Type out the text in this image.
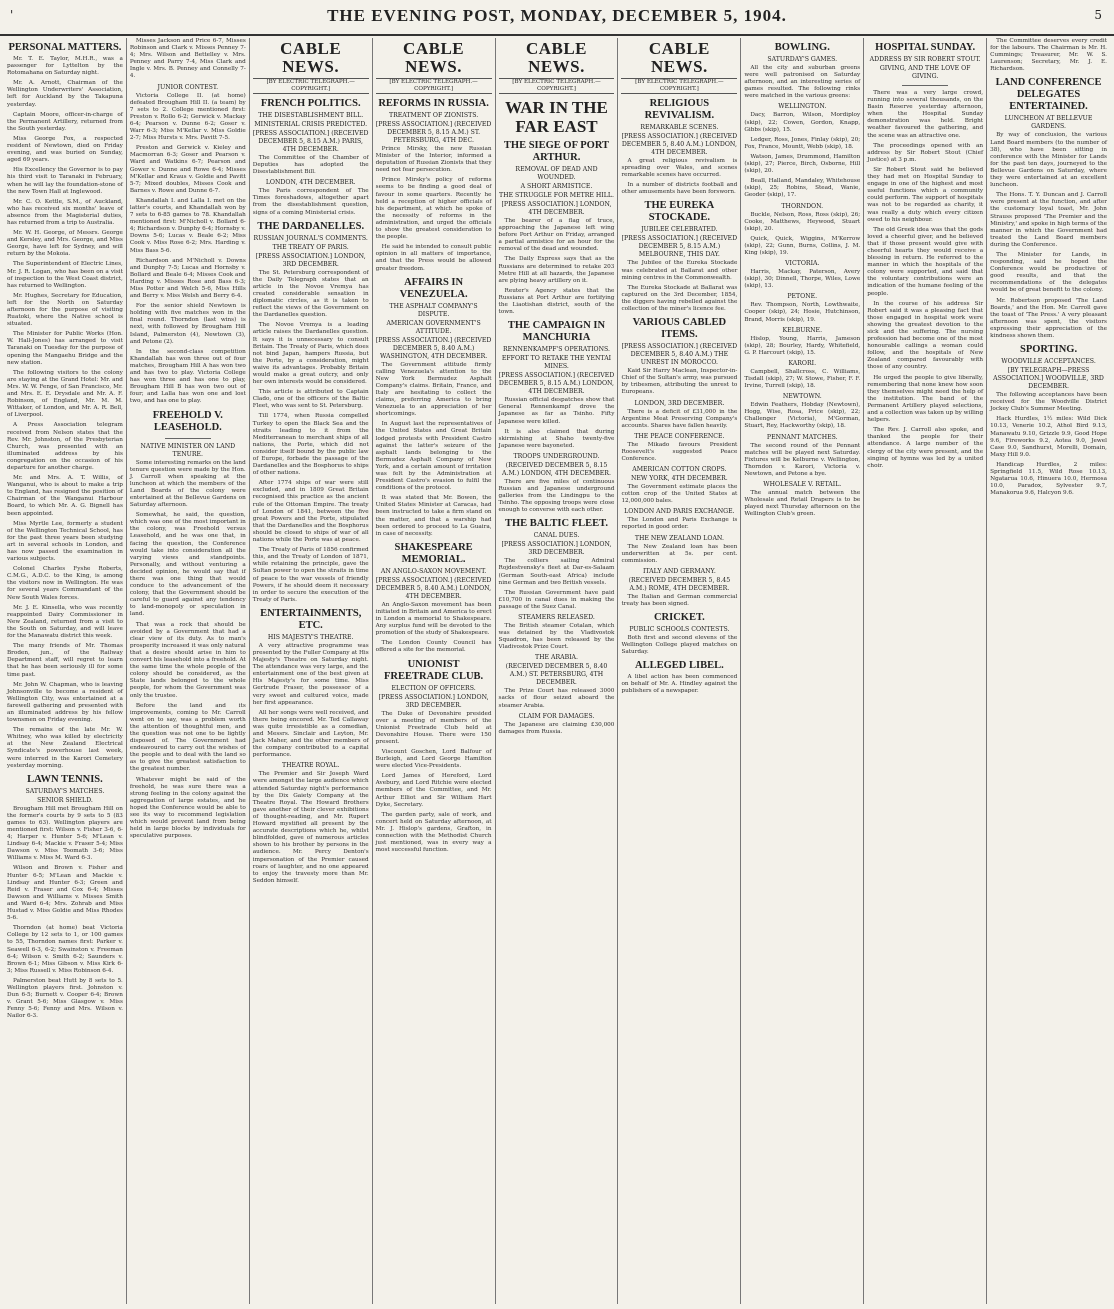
'	THE EVENING POST, MONDAY, DECEMBER 5, 1904.	5
PERSONAL MATTERS.
Mr. T. E. Taylor, M.H.R., was a passenger for Lyttelton by the Rotomahana on Saturday night.
Mr. A. Arnott, Chairman of the Wellington Underwriters' Association, left for Auckland by the Takapuna yesterday.
Captain Moore, officer-in-charge of the Permanent Artillery, returned from the South yesterday.
Miss George Fox, a respected resident of Newtown, died on Friday evening, and was buried on Sunday, aged 69 years.
His Excellency the Governor is to pay his third visit to Taranaki in February, when he will lay the foundation-stone of the new Town Hall at Inglewood.
Mr. C. O. Kettle, S.M., of Auckland, who has received six months' leave of absence from the Magisterial duties, has returned from a trip to Australia.
Mr. W. H. George, of Messrs. George and Kersley, and Mrs. George, and Miss George, have left for Sydney, and will return by the Mokoia.
The Superintendent of Electric Lines, Mr. J. R. Logan, who has been on a visit of inspection to the West Coast district, has returned to Wellington.
Mr. Hughes, Secretary for Education, left for the North on Saturday afternoon for the purpose of visiting Ruatoki, where the Native school is situated.
The Minister for Public Works (Hon. W. Hall-Jones) has arranged to visit Taranaki on Tuesday for the purpose of opening the Mangaehu Bridge and the new station.
The following visitors to the colony are staying at the Grand Hotel: Mr. and Mrs. W. W. Fenge, of San Francisco, Mr. and Mrs. E. E. Drysdale and Mr. A. F. Robinson, of England, Mr. M. M. Wittaker, of London, and Mr. A. R. Bell, of Liverpool.
A Press Association telegram received from Nelson states that the Rev. Mr. Johnston, of the Presbyterian Church, was presented with an illuminated address by his congregation on the occasion of his departure for another charge.
Mr. and Mrs. A. T. Willis, of Wanganui, who is about to make a trip to England, has resigned the position of Chairman of the Wanganui Harbour Board, to which Mr. A. G. Bignell has been appointed.
Miss Myrtle Lee, formerly a student of the Wellington Technical School, has for the past three years been studying art in several schools in London, and has now passed the examination in various subjects.
Colonel Charles Fyshe Roberts, C.M.G., A.D.C. to the King, is among the visitors now in Wellington. He was for several years Commandant of the New South Wales forces.
Mr. J. E. Kinsella, who was recently reappointed Dairy Commissioner in New Zealand, returned from a visit to the South on Saturday, and will leave for the Manawatu district this week.
The many friends of Mr. Thomas Broden, jun., of the Railway Department staff, will regret to learn that he has been seriously ill for some time past.
Mr. John W. Chapman, who is leaving Johnsonville to become a resident of Wellington City, was entertained at a farewell gathering and presented with an illuminated address by his fellow townsmen on Friday evening.
The remains of the late Mr. W. Whitney, who was killed by electricity at the New Zealand Electrical Syndicate's powerhouse last week, were interred in the Karori Cemetery yesterday morning.
LAWN TENNIS.
SATURDAY'S MATCHES.
SENIOR SHIELD.
Brougham Hill met Brougham Hill on the former's courts by 9 sets to 5 (83 games to 63). Wellington players are mentioned first: Wilson v. Fisher 3-6, 6-4; Harper v. Hunter 5-6; M'Lean v. Lindsay 6-4; Mackie v. Fraser 5-4; Miss Dawson v. Miss Toomath 3-6; Miss Williams v. Miss M. Ward 6-3.
Wilson and Brown v. Fisher and Hunter 6-5; M'Lean and Mackie v. Lindsay and Hunter 6-3; Green and Reid v. Fraser and Cox 6-4; Misses Dawson and Williams v. Misses Smith and Ward 6-4; Mrs. Zohrab and Miss Hustad v. Miss Goldie and Miss Rhodes 5-6.
Thorndon (at home) beat Victoria College by 12 sets to 1, or 100 games to 55, Thorndon names first: Parker v. Seawell 6-3, 6-2; Swainston v. Freeman 6-4; Wilson v. Smith 6-2; Saunders v. Brown 6-1; Miss Gibson v. Miss Kirk 6-3; Miss Russell v. Miss Robinson 6-4.
Palmerston beat Hutt by 8 sets to 5. Wellington players first. Johnston v. Dun 6-5; Burnett v. Cooper 6-4; Brown v. Grant 5-6; Miss Glasgow v. Miss Fenny 5-6; Fenny and Mrs. Wilson v. Nailor 6-3.
Misses Jackson and Price 6-7, Misses Robinson and Clark v. Misses Penney 7-4; Mrs. Wilson and Bettelley v. Mrs. Penney and Parry 7-4, Miss Clark and Ingle v. Mrs. B. Penney and Connelly 7-4.
JUNIOR CONTEST.
Victoria College II. (at home) defeated Brougham Hill II. (a team) by 7 sets to 2. College mentioned first: Preston v. Rollo 6-2; Gerwick v. Mackay 6-4; Pearson v. Dunne 6-2; Goser v. Warr 6-3; Miss M'Kellar v. Miss Goldie 2-7; Miss Hursts v. Mrs. Pavitt 7-5.
Preston and Gerwick v. Kieley and Macmorran 6-3; Goser and Pearson v. Ward and Watkins 6-7; Pearson and Gower v. Dunne and Rowe 6-4; Misses M'Kellar and Kraus v. Goldie and Pavitt 5-7; Mixed doubles, Misses Cook and Barnes v. Rowe and Dunne 6-7.
Khandallah I. and Lalla I. met on the latter's courts, and Khandallah won by 7 sets to 6-85 games to 78. Khandallah mentioned first: M'Nicholl v. Bollard 6-4; Richardson v. Dunphy 6-4; Hornsby v. Downs 5-6; Lucas v. Beale 6-2; Miss Cook v. Miss Rose 6-2; Mrs. Harding v. Miss Bass 5-6.
Richardson and M'Nicholl v. Downs and Dunphy 7-5; Lucas and Hornsby v. Bollard and Beale 6-4; Misses Cook and Harding v. Misses Rose and Bass 6-3; Miss Potter and Welch 5-6, Miss Hills and Berry v. Miss Welsh and Berry 6-4.
For the senior shield Newtown is holding with five matches won in the final round. Thorndon (last wins) is next, with followed by Brougham Hill Island, Palmerston (4), Newtown (3), and Petone (2).
In the second-class competition Khandallah has won three out of four matches, Brougham Hill A has won two and has two to play. Victoria College has won three and has one to play, Brougham Hill B has won two out of four; and Lalla has won one and lost two, and has one to play.
FREEHOLD V. LEASEHOLD.
NATIVE MINISTER ON LAND TENURE.
Some interesting remarks on the land tenure question were made by the Hon. J. Carroll when speaking at the luncheon at which the members of the Land Boards of the colony were entertained at the Bellevue Gardens on Saturday afternoon.
Somewhat, he said, the question, which was one of the most important in the colony, was Freehold versus Leasehold, and he was one that, in facing the question, the Conference would take into consideration all the varying views and standpoints. Personally, and without venturing a decided opinion, he would say that if there was one thing that would conduce to the advancement of the colony, that the Government should be careful to guard against any tendency to land-monopoly or speculation in land.
That was a rock that should be avoided by a Government that had a clear view of its duty. As to man's prosperity increased it was only natural that a desire should arise in him to convert his leasehold into a freehold. At the same time the whole people of the colony should be considered, as the State lands belonged to the whole people, for whom the Government was only the trustee.
Before the land and its improvements, coming to Mr. Carroll went on to say, was a problem worth the attention of thoughtful men, and the question was not one to be lightly disposed of. The Government had endeavoured to carry out the wishes of the people and to deal with the land so as to give the greatest satisfaction to the greatest number.
Whatever might be said of the freehold, he was sure there was a strong feeling in the colony against the aggregation of large estates, and he hoped the Conference would be able to see its way to recommend legislation which would prevent land from being held in large blocks by individuals for speculative purposes.
CABLE NEWS.
[BY ELECTRIC TELEGRAPH.—COPYRIGHT.]
FRENCH POLITICS.
THE DISESTABLISHMENT BILL.
MINISTERIAL CRISIS PREDICTED.
[PRESS ASSOCIATION.] (RECEIVED DECEMBER 5, 8.15 A.M.) PARIS, 4TH DECEMBER.
The Committee of the Chamber of Deputies has adopted the Disestablishment Bill.
LONDON, 4TH DECEMBER.
The Paris correspondent of The Times foreshadows, altogether apart from the disestablishment question, signs of a coming Ministerial crisis.
THE DARDANELLES.
RUSSIAN JOURNAL'S COMMENTS.
THE TREATY OF PARIS.
[PRESS ASSOCIATION.] LONDON, 3RD DECEMBER.
The St. Petersburg correspondent of the Daily Telegraph states that an article in the Novoe Vremya has created considerable sensation in diplomatic circles, as it is taken to reflect the views of the Government on the Dardanelles question.
The Novoe Vremya is a leading article raises the Dardanelles question. It says it is unnecessary to consult Britain. The Treaty of Paris, which does not bind Japan, hampers Russia, but the Porte, by a consideration, might waive its advantages. Probably Britain would make a great outcry, and only her own interests would be considered.
This article is attributed to Captain Clado, one of the officers of the Baltic Fleet, who was sent to St. Petersburg.
Till 1774, when Russia compelled Turkey to open the Black Sea and the straits leading to it from the Mediterranean to merchant ships of all nations, the Porte, which did not consider itself bound by the public law of Europe, forbade the passage of the Dardanelles and the Bosphorus to ships of other nations.
After 1774 ships of war were still excluded, and in 1809 Great Britain recognised this practice as the ancient rule of the Ottoman Empire. The treaty of London of 1841, between the five great Powers and the Porte, stipulated that the Dardanelles and the Bosphorus should be closed to ships of war of all nations while the Porte was at peace.
The Treaty of Paris of 1856 confirmed this, and the Treaty of London of 1871, while retaining the principle, gave the Sultan power to open the straits in time of peace to the war vessels of friendly Powers, if he should deem it necessary in order to secure the execution of the Treaty of Paris.
ENTERTAINMENTS, ETC.
HIS MAJESTY'S THEATRE.
A very attractive programme was presented by the Fuller Company at His Majesty's Theatre on Saturday night. The attendance was very large, and the entertainment one of the best given at His Majesty's for some time. Miss Gertrude Fraser, the possessor of a very sweet and cultured voice, made her first appearance.
All her songs were well received, and there being encored. Mr. Ted Callaway was quite irresistible as a comedian, and Messrs. Sinclair and Leyton, Mr. Jack Maher, and the other members of the company contributed to a capital performance.
THEATRE ROYAL.
The Premier and Sir Joseph Ward were amongst the large audience which attended Saturday night's performance by the Dix Gaiety Company at the Theatre Royal. The Howard Brothers gave another of their clever exhibitions of thought-reading, and Mr. Rupert Howard mystified all present by the accurate descriptions which he, whilst blindfolded, gave of numerous articles shown to his brother by persons in the audience. Mr. Percy Denton's impersonation of the Premier caused roars of laughter, and no one appeared to enjoy the travesty more than Mr. Seddon himself.
CABLE NEWS.
[BY ELECTRIC TELEGRAPH.—COPYRIGHT.]
REFORMS IN RUSSIA.
TREATMENT OF ZIONISTS.
[PRESS ASSOCIATION.] (RECEIVED DECEMBER 5, 8.15 A.M.) ST. PETERSBURG, 4TH DEC.
Prince Mirsky, the new Russian Minister of the Interior, informed a deputation of Russian Zionists that they need not fear persecution.
Prince Mirsky's policy of reforms seems to be finding a good deal of favour in some quarters. Recently he held a reception of higher officials of his department, at which he spoke of the necessity of reforms in the administration, and urged the officials to show the greatest consideration to the people.
He said he intended to consult public opinion in all matters of importance, and that the Press would be allowed greater freedom.
AFFAIRS IN VENEZUELA.
THE ASPHALT COMPANY'S DISPUTE.
AMERICAN GOVERNMENT'S ATTITUDE.
[PRESS ASSOCIATION.] (RECEIVED DECEMBER 5, 8.40 A.M.) WASHINGTON, 4TH DECEMBER.
The Government attitude firmly calling Venezuela's attention to the New York Bermudez Asphalt Company's claims. Britain, France, and Italy are hesitating to collect the claims, preferring America to bring Venezuela to an appreciation of her shortcomings.
In August last the representatives of the United States and Great Britain lodged protests with President Castro against the latter's seizure of the asphalt lands belonging to the Bermudez Asphalt Company of New York, and a certain amount of irritation was felt by the Administration at President Castro's evasion to fulfil the conditions of the protocol.
It was stated that Mr. Bowen, the United States Minister at Caracas, had been instructed to take a firm stand on the matter, and that a warship had been ordered to proceed to La Guaira, in case of necessity.
SHAKESPEARE MEMORIAL.
AN ANGLO-SAXON MOVEMENT.
[PRESS ASSOCIATION.] (RECEIVED DECEMBER 5, 8.40 A.M.) LONDON, 4TH DECEMBER.
An Anglo-Saxon movement has been initiated in Britain and America to erect in London a memorial to Shakespeare. Any surplus fund will be devoted to the promotion of the study of Shakespeare.
The London County Council has offered a site for the memorial.
UNIONIST FREETRADE CLUB.
ELECTION OF OFFICERS.
[PRESS ASSOCIATION.] LONDON, 3RD DECEMBER.
The Duke of Devonshire presided over a meeting of members of the Unionist Freetrade Club held at Devonshire House. There were 150 present.
Viscount Goschen, Lord Balfour of Burleigh, and Lord George Hamilton were elected Vice-Presidents.
Lord James of Hereford, Lord Avebury, and Lord Ritchie were elected members of the Committee, and Mr. Arthur Elliot and Sir William Hart Dyke, Secretary.
The garden party, sale of work, and concert held on Saturday afternoon, at Mr. J. Hislop's gardens, Grafton, in connection with the Methodist Church just mentioned, was in every way a most successful function.
CABLE NEWS.
[BY ELECTRIC TELEGRAPH.—COPYRIGHT.]
WAR IN THE FAR EAST
THE SIEGE OF PORT ARTHUR.
REMOVAL OF DEAD AND WOUNDED.
A SHORT ARMISTICE.
THE STRUGGLE FOR METRE HILL.
[PRESS ASSOCIATION.] LONDON, 4TH DECEMBER.
The bearer of a flag of truce, approaching the Japanese left wing before Port Arthur on Friday, arranged a partial armistice for an hour for the removal of the dead and wounded.
The Daily Express says that as the Russians are determined to retake 203 Metre Hill at all hazards, the Japanese are plying heavy artillery on it.
Reuter's Agency states that the Russians at Port Arthur are fortifying the Liaotishan district, south of the town.
THE CAMPAIGN IN MANCHURIA
RENNENKAMPF'S OPERATIONS.
EFFORT TO RETAKE THE YENTAI MINES.
[PRESS ASSOCIATION.] (RECEIVED DECEMBER 5, 8.15 A.M.) LONDON, 4TH DECEMBER.
Russian official despatches show that General Rennenkampf drove the Japanese as far as Tsinho. Fifty Japanese were killed.
It is also claimed that during skirmishing at Shaho twenty-five Japanese were bayoneted.
TROOPS UNDERGROUND.
(RECEIVED DECEMBER 5, 8.15 A.M.) LONDON, 4TH DECEMBER.
There are five miles of continuous Russian and Japanese underground galleries from the Lindingpu to the Tsinho. The opposing troops were close enough to converse with each other.
THE BALTIC FLEET.
CANAL DUES.
[PRESS ASSOCIATION.] LONDON, 3RD DECEMBER.
The colliers sailing Admiral Rojdestvensky's fleet at Dar-es-Salaam (German South-east Africa) include nine German and two British vessels.
The Russian Government have paid £10,700 in canal dues in making the passage of the Suez Canal.
STEAMERS RELEASED.
The British steamer Cotalan, which was detained by the Vladivostok Squadron, has been released by the Vladivostok Prize Court.
THE ARABIA.
(RECEIVED DECEMBER 5, 8.40 A.M.) ST. PETERSBURG, 4TH DECEMBER.
The Prize Court has released 3000 sacks of flour seized aboard the steamer Arabia.
CLAIM FOR DAMAGES.
The Japanese are claiming £30,000 damages from Russia.
CABLE NEWS.
[BY ELECTRIC TELEGRAPH.—COPYRIGHT.]
RELIGIOUS REVIVALISM.
REMARKABLE SCENES.
[PRESS ASSOCIATION.] (RECEIVED DECEMBER 5, 8.40 A.M.) LONDON, 4TH DECEMBER.
A great religious revivalism is spreading over Wales, and scenes remarkable scenes have occurred.
In a number of districts football and other amusements have been forsworn.
THE EUREKA STOCKADE.
JUBILEE CELEBRATED.
[PRESS ASSOCIATION.] (RECEIVED DECEMBER 5, 8.15 A.M.) MELBOURNE, THIS DAY.
The Jubilee of the Eureka Stockade was celebrated at Ballarat and other mining centres in the Commonwealth.
The Eureka Stockade at Ballarat was captured on the 3rd December, 1854, the diggers having rebelled against the collection of the miner's licence fee.
VARIOUS CABLED ITEMS.
[PRESS ASSOCIATION.] (RECEIVED DECEMBER 5, 8.40 A.M.) THE UNREST IN MOROCCO.
Kaid Sir Harry Maclean, Inspector-in-Chief of the Sultan's army, was pursued by tribesmen, attributing the unrest to Europeans.
LONDON, 3RD DECEMBER.
There is a deficit of £31,000 in the Argentine Meat Preserving Company's accounts. Shares have fallen heavily.
THE PEACE CONFERENCE.
The Mikado favours President Roosevelt's suggested Peace Conference.
AMERICAN COTTON CROPS.
NEW YORK, 4TH DECEMBER.
The Government estimate places the cotton crop of the United States at 12,000,000 bales.
LONDON AND PARIS EXCHANGE.
The London and Paris Exchange is reported in good order.
THE NEW ZEALAND LOAN.
The New Zealand loan has been underwritten at 5s. per cent. commission.
ITALY AND GERMANY.
(RECEIVED DECEMBER 5, 8.45 A.M.) ROME, 4TH DECEMBER.
The Italian and German commercial treaty has been signed.
CRICKET.
PUBLIC SCHOOLS CONTESTS.
Both first and second elevens of the Wellington College played matches on Saturday.
ALLEGED LIBEL.
A libel action has been commenced on behalf of Mr. A. Hindley against the publishers of a newspaper.
BOWLING.
SATURDAY'S GAMES.
All the city and suburban greens were well patronised on Saturday afternoon, and an interesting series of games resulted. The following rinks were matched in the various greens:
WELLINGTON.
Dacy, Barron, Wilson, Mordiploy (skip), 22; Cowen, Gordon, Knapp, Gibbs (skip), 15.
Ledger, Ross, Jones, Finlay (skip), 20; Fox, France, Mountt, Webb (skip), 18.
Watson, James, Drummond, Hamilton (skip), 27; Pierce, Birch, Osborne, Hill (skip), 20.
Beall, Halland, Mandaley, Whitehouse (skip), 25; Robins, Stead, Wanie, Geoder (skip), 17.
THORNDON.
Buckle, Nelson, Ross, Ross (skip), 26; Cooke, Matthews, Heywood, Stuart (skip), 20.
Quick, Quick, Wiggins, M'Kerrow (skip), 22; Gunn, Burns, Collins, J. M. King (skip), 19.
VICTORIA.
Harris, Mackay, Paterson, Avery (skip), 30; Dinnell, Thorpe, Wiles, Lowe (skip), 13.
PETONE.
Rev. Thompson, North, Lowthwaite, Cooper (skip), 24; Hosie, Hutchinson, Brand, Morris (skip), 19.
KELBURNE.
Hislop, Young, Harris, Jameson (skip), 28; Bourley, Hardy, Whitefield, G. P. Harcourt (skip), 15.
KARORI.
Campbell, Shallcross, C. Williams, Tisdall (skip), 27; W. Stowe, Fisher, F. F. Irvine, Turrell (skip), 18.
NEWTOWN.
Edwin Feathers, Hobday (Newtown), Hogg, Wise, Rosa, Price (skip), 22; Challenger (Victoria), M'Gorman, Stuart, Rey, Hackworthy (skip), 18.
PENNANT MATCHES.
The second round of the Pennant matches will be played next Saturday. Fixtures will be Kelburne v. Wellington, Thorndon v. Karori, Victoria v. Newtown, and Petone a bye.
WHOLESALE V. RETAIL.
The annual match between the Wholesale and Retail Drapers is to be played next Thursday afternoon on the Wellington Club's green.
HOSPITAL SUNDAY.
ADDRESS BY SIR ROBERT STOUT.
GIVING, AND THE LOVE OF GIVING.
There was a very large crowd, running into several thousands, on the Basin Reserve yesterday afternoon, when the Hospital Sunday demonstration was held. Bright weather favoured the gathering, and the scene was an attractive one.
The proceedings opened with an address by Sir Robert Stout (Chief Justice) at 3 p.m.
Sir Robert Stout said he believed they had met on Hospital Sunday to engage in one of the highest and most useful functions which a community could perform. The support of hospitals was not to be regarded as charity, it was really a duty which every citizen owed to his neighbour.
The old Greek idea was that the gods loved a cheerful giver, and he believed that if those present would give with cheerful hearts they would receive a blessing in return. He referred to the manner in which the hospitals of the colony were supported, and said that the voluntary contributions were an indication of the humane feeling of the people.
In the course of his address Sir Robert said it was a pleasing fact that those engaged in hospital work were showing the greatest devotion to the sick and the suffering. The nursing profession had become one of the most honourable callings a woman could follow, and the hospitals of New Zealand compared favourably with those of any country.
He urged the people to give liberally, remembering that none knew how soon they themselves might need the help of the institution. The band of the Permanent Artillery played selections, and a collection was taken up by willing helpers.
The Rev. J. Carroll also spoke, and thanked the people for their attendance. A large number of the clergy of the city were present, and the singing of hymns was led by a united choir.
The Committee deserves every credit for the labours. The Chairman is Mr. H. Cummings; Treasurer, Mr. W. S. Laurenson; Secretary, Mr. J. E. Richardson.
LAND CONFERENCE DELEGATES ENTERTAINED.
LUNCHEON AT BELLEVUE GARDENS.
By way of conclusion, the various Land Board members (to the number of 38), who have been sitting in conference with the Minister for Lands for the past ten days, journeyed to the Bellevue Gardens on Saturday, where they were entertained at an excellent luncheon.
The Hons. T. Y. Duncan and J. Carroll were present at the function, and after the customary loyal toast, Mr. John Strauss proposed 'The Premier and the Ministry,' and spoke in high terms of the manner in which the Government had treated the Land Board members during the Conference.
The Minister for Lands, in responding, said he hoped the Conference would be productive of good results, and that the recommendations of the delegates would be of great benefit to the colony.
Mr. Robertson proposed 'The Land Boards,' and the Hon. Mr. Carroll gave the toast of 'The Press.' A very pleasant afternoon was spent, the visitors expressing their appreciation of the kindness shown them.
SPORTING.
WOODVILLE ACCEPTANCES.
[BY TELEGRAPH—PRESS ASSOCIATION.] WOODVILLE, 3RD DECEMBER.
The following acceptances have been received for the Woodville District Jockey Club's Summer Meeting.
Hack Hurdles, 1½ miles: Wild Dick 10.13, Venerie 10.2, Athol Bird 9.13, Manawatu 9.10, Grizzle 9.9, Good Hope 9.6, Fireworks 9.2, Aotea 9.0, Jewel Case 9.0, Sandhurst, Morelli, Domain, Maxy Hill 9.0.
Handicap Hurdles, 2 miles: Springfield 11.5, Wild Rose 10.13, Ngatarua 10.6, Hinuera 10.0, Hermosa 10.0, Paradox, Sylvester 9.7, Manakorua 9.6, Halcyon 9.6.
